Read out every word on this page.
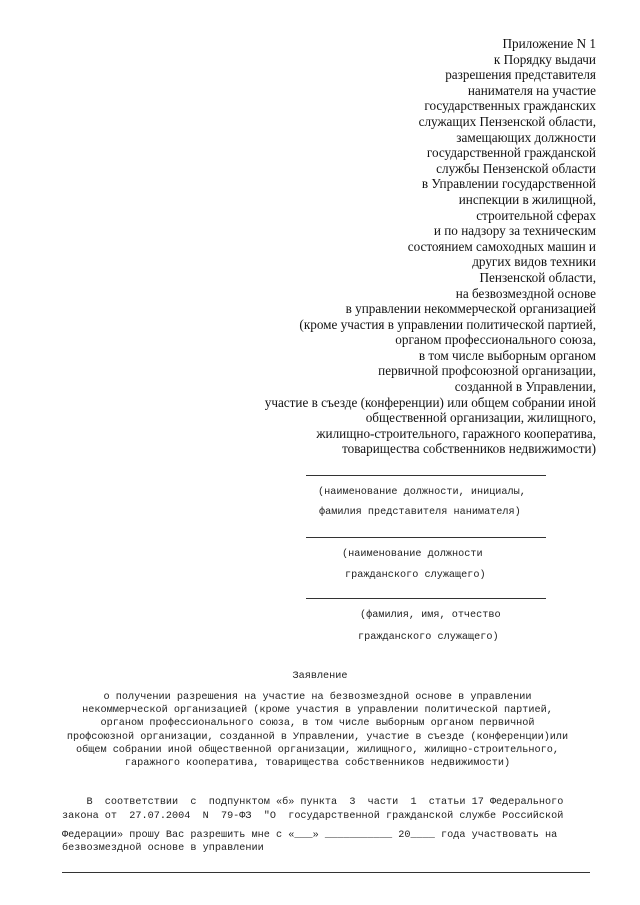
Приложение N 1
к Порядку выдачи
разрешения представителя
нанимателя на участие
государственных гражданских
служащих Пензенской области,
замещающих должности
государственной гражданской
службы Пензенской области
в Управлении государственной
инспекции в жилищной,
строительной сферах
и по надзору за техническим
состоянием самоходных машин и
других видов техники
Пензенской области,
на безвозмездной основе
в управлении некоммерческой организацией
(кроме участия в управлении политической партией,
органом профессионального союза,
в том числе выборным органом
первичной профсоюзной организации,
созданной в Управлении,
участие в съезде (конференции) или общем собрании иной
общественной организации, жилищного,
жилищно-строительного, гаражного кооператива,
товарищества собственников недвижимости)
(наименование должности, инициалы,
фамилия представителя нанимателя)
(наименование должности
гражданского служащего)
(фамилия, имя, отчество
гражданского служащего)
Заявление
о получении разрешения на участие на безвозмездной основе в управлении
некоммерческой организацией (кроме участия в управлении политической партией,
органом профессионального союза, в том числе выборным органом первичной
профсоюзной организации, созданной в Управлении, участие в съезде (конференции)или
общем собрании иной общественной организации, жилищного, жилищно-строительного,
гаражного кооператива, товарищества собственников недвижимости)
В  соответствии  с  подпунктом «б» пункта  3  части  1  статьи 17 Федерального
закона от  27.07.2004  N  79-ФЗ  "О  государственной гражданской службе Российской
Федерации» прошу Вас разрешить мне с «___» ___________ 20____ года участвовать на
безвозмездной основе в управлении
